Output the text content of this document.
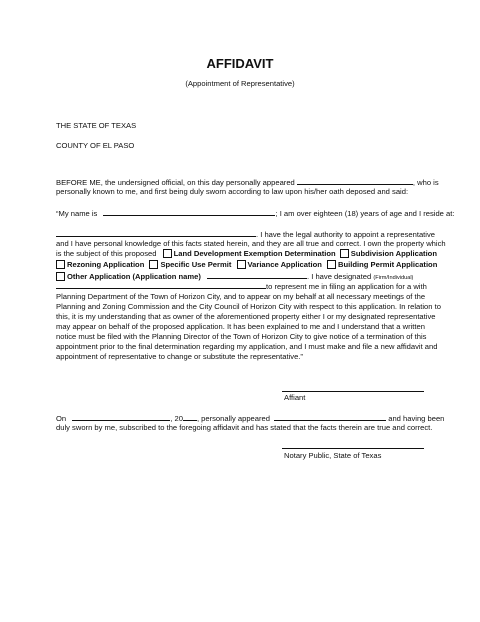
AFFIDAVIT
(Appointment of Representative)
THE STATE OF TEXAS
COUNTY OF EL PASO
BEFORE ME, the undersigned official, on this day personally appeared	, who is
personally known to me, and first being duly sworn according to law upon his/her oath deposed and said:
“My name is	; I am over eighteen (18) years of age and I reside at:
. I have the legal authority to appoint a representative
and I have personal knowledge of this facts stated herein, and they are all true and correct. I own the property which
is the subject of this proposed Land Development Exemption Determination Subdivision Application
Rezoning Application Specific Use Permit Variance Application Building Permit Application
Other Application (Application name)	. I have designated (Firm/Individual)
to represent me in filing an application for a with
Planning Department of the Town of Horizon City, and to appear on my behalf at all necessary meetings of the
Planning and Zoning Commission and the City Council of Horizon City with respect to this application. In relation to
this, it is my understanding that as owner of the aforementioned property either I or my designated representative
may appear on behalf of the proposed application. It has been explained to me and I understand that a written
notice must be filed with the Planning Director of the Town of Horizon City to give notice of a termination of this
appointment prior to the final determination regarding my application, and I must make and file a new affidavit and
appointment of representative to change or substitute the representative.”
Affiant
On	, 20 , personally appeared	and having been
duly sworn by me, subscribed to the foregoing affidavit and has stated that the facts therein are true and correct.
Notary Public, State of Texas
